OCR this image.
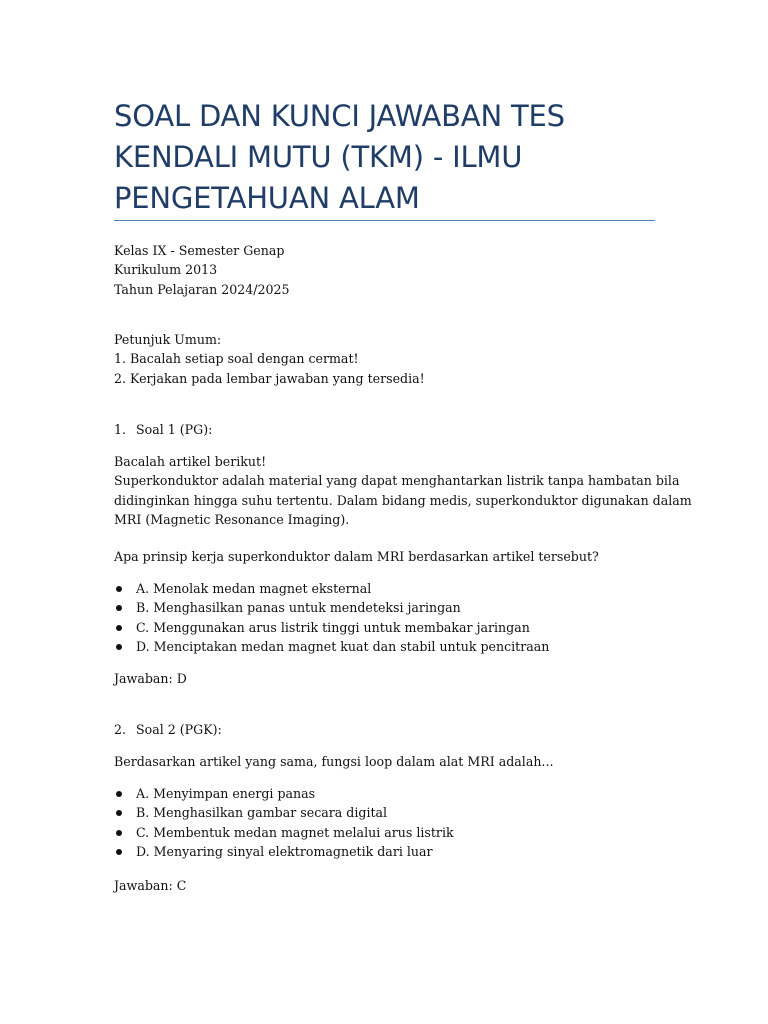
SOAL DAN KUNCI JAWABAN TES KENDALI MUTU (TKM) - ILMU PENGETAHUAN ALAM
Kelas IX - Semester Genap
Kurikulum 2013
Tahun Pelajaran 2024/2025
Petunjuk Umum:
1. Bacalah setiap soal dengan cermat!
2. Kerjakan pada lembar jawaban yang tersedia!
1. Soal 1 (PG):
Bacalah artikel berikut!
Superkonduktor adalah material yang dapat menghantarkan listrik tanpa hambatan bila
didinginkan hingga suhu tertentu. Dalam bidang medis, superkonduktor digunakan dalam
MRI (Magnetic Resonance Imaging).
Apa prinsip kerja superkonduktor dalam MRI berdasarkan artikel tersebut?
A. Menolak medan magnet eksternal
B. Menghasilkan panas untuk mendeteksi jaringan
C. Menggunakan arus listrik tinggi untuk membakar jaringan
D. Menciptakan medan magnet kuat dan stabil untuk pencitraan
Jawaban: D
2. Soal 2 (PGK):
Berdasarkan artikel yang sama, fungsi loop dalam alat MRI adalah...
A. Menyimpan energi panas
B. Menghasilkan gambar secara digital
C. Membentuk medan magnet melalui arus listrik
D. Menyaring sinyal elektromagnetik dari luar
Jawaban: C
